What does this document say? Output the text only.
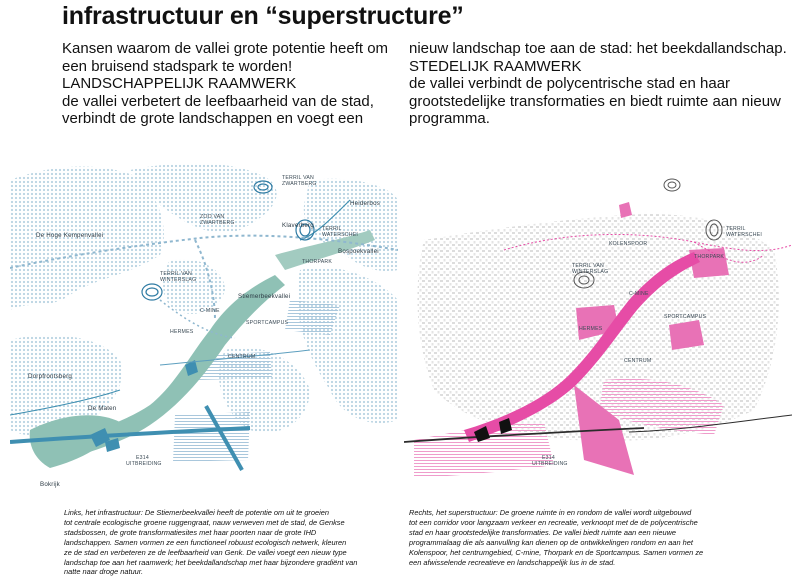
infrastructuur en “superstructure”
Kansen waarom de vallei grote potentie heeft om
een bruisend stadspark te worden!
LANDSCHAPPELIJK RAAMWERK
de vallei verbetert de leefbaarheid van de stad,
verbindt de grote landschappen en voegt een
nieuw landschap toe aan de stad: het beekdallandschap.
STEDELIJK RAAMWERK
de vallei verbindt de polycentrische stad en haar
grootstedelijke transformaties en biedt ruimte aan nieuw
programma.
TERRIL VAN
ZWARTBERG
Heiderbos
ZOO VAN
ZWARTBERG	Klaverberg TERRIL
WATERSCHEI
De Hoge Kempenvallei
Bospoekvallei
THORPARK
TERRIL VAN
WINTERSLAG
Stiemerbeekvallei
C-MINE
SPORTCAMPUS
HERMES
CENTRUM
Dorpfrontsberg
De Maten
E314
UITBREIDING
Bokrijk
KOLENSPOOR
TERRIL
WATERSCHEI
THORPARK
TERRIL VAN
WINTERSLAG
C-MINE
HERMES
SPORTCAMPUS
CENTRUM
E314
UITBREIDING
Links, het infrastructuur: De Stiemerbeekvallei heeft de potentie om uit te groeien
tot centrale ecologische groene ruggengraat, nauw verweven met de stad, de Genkse
stadsbossen, de grote transformatiesites met haar poorten naar de grote IHD
landschappen. Samen vormen ze een functioneel robuust ecologisch netwerk, kleuren
ze de stad en verbeteren ze de leefbaarheid van Genk. De vallei voegt een nieuw type
landschap toe aan het raamwerk; het beekdallandschap met haar bijzondere gradiënt van
natte naar droge natuur.
Rechts, het superstructuur: De groene ruimte in en rondom de vallei wordt uitgebouwd
tot een corridor voor langzaam verkeer en recreatie, verknoopt met de de polycentrische
stad en haar grootstedelijke transformaties. De vallei biedt ruimte aan een nieuwe
programmalaag die als aanvulling kan dienen op de ontwikkelingen rondom en aan het
Kolenspoor, het centrumgebied, C-mine, Thorpark en de Sportcampus. Samen vormen ze
een afwisselende recreatieve en landschappelijk lus in de stad.
